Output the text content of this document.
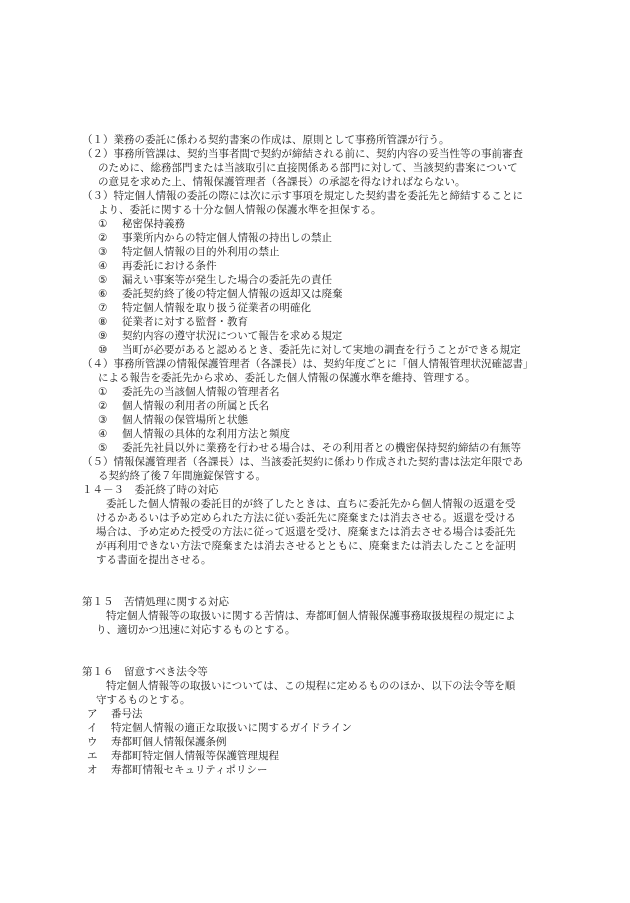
（１）業務の委託に係わる契約書案の作成は、原則として事務所管課が行う。
（２）事務所管課は、契約当事者間で契約が締結される前に、契約内容の妥当性等の事前審査
のために、総務部門または当該取引に直接関係ある部門に対して、当該契約書案について
の意見を求めた上、情報保護管理者（各課長）の承認を得なければならない。
（３）特定個人情報の委託の際には次に示す事項を規定した契約書を委託先と締結することに
より、委託に関する十分な個人情報の保護水準を担保する。
① 秘密保持義務
② 事業所内からの特定個人情報の持出しの禁止
③ 特定個人情報の目的外利用の禁止
④ 再委託における条件
⑤ 漏えい事案等が発生した場合の委託先の責任
⑥ 委託契約終了後の特定個人情報の返却又は廃棄
⑦ 特定個人情報を取り扱う従業者の明確化
⑧ 従業者に対する監督・教育
⑨ 契約内容の遵守状況について報告を求める規定
⑩ 当町が必要があると認めるとき、委託先に対して実地の調査を行うことができる規定
（４）事務所管課の情報保護管理者（各課長）は、契約年度ごとに「個人情報管理状況確認書」
による報告を委託先から求め、委託した個人情報の保護水準を維持、管理する。
① 委託先の当該個人情報の管理者名
② 個人情報の利用者の所属と氏名
③ 個人情報の保管場所と状態
④ 個人情報の具体的な利用方法と頻度
⑤ 委託先社員以外に業務を行わせる場合は、その利用者との機密保持契約締結の有無等
（５）情報保護管理者（各課長）は、当該委託契約に係わり作成された契約書は法定年限であ
る契約終了後７年間施錠保管する。
１４－３　委託終了時の対応
委託した個人情報の委託目的が終了したときは、直ちに委託先から個人情報の返還を受
けるかあるいは予め定められた方法に従い委託先に廃棄または消去させる。返還を受ける
場合は、予め定めた授受の方法に従って返還を受け、廃棄または消去させる場合は委託先
が再利用できない方法で廃棄または消去させるとともに、廃棄または消去したことを証明
する書面を提出させる。
第１５　苦情処理に関する対応
特定個人情報等の取扱いに関する苦情は、寿都町個人情報保護事務取扱規程の規定によ
り、適切かつ迅速に対応するものとする。
第１６　留意すべき法令等
特定個人情報等の取扱いについては、この規程に定めるもののほか、以下の法令等を順
守するものとする。
ア 番号法
イ 特定個人情報の適正な取扱いに関するガイドライン
ウ 寿都町個人情報保護条例
エ 寿都町特定個人情報等保護管理規程
オ 寿都町情報セキュリティポリシー
